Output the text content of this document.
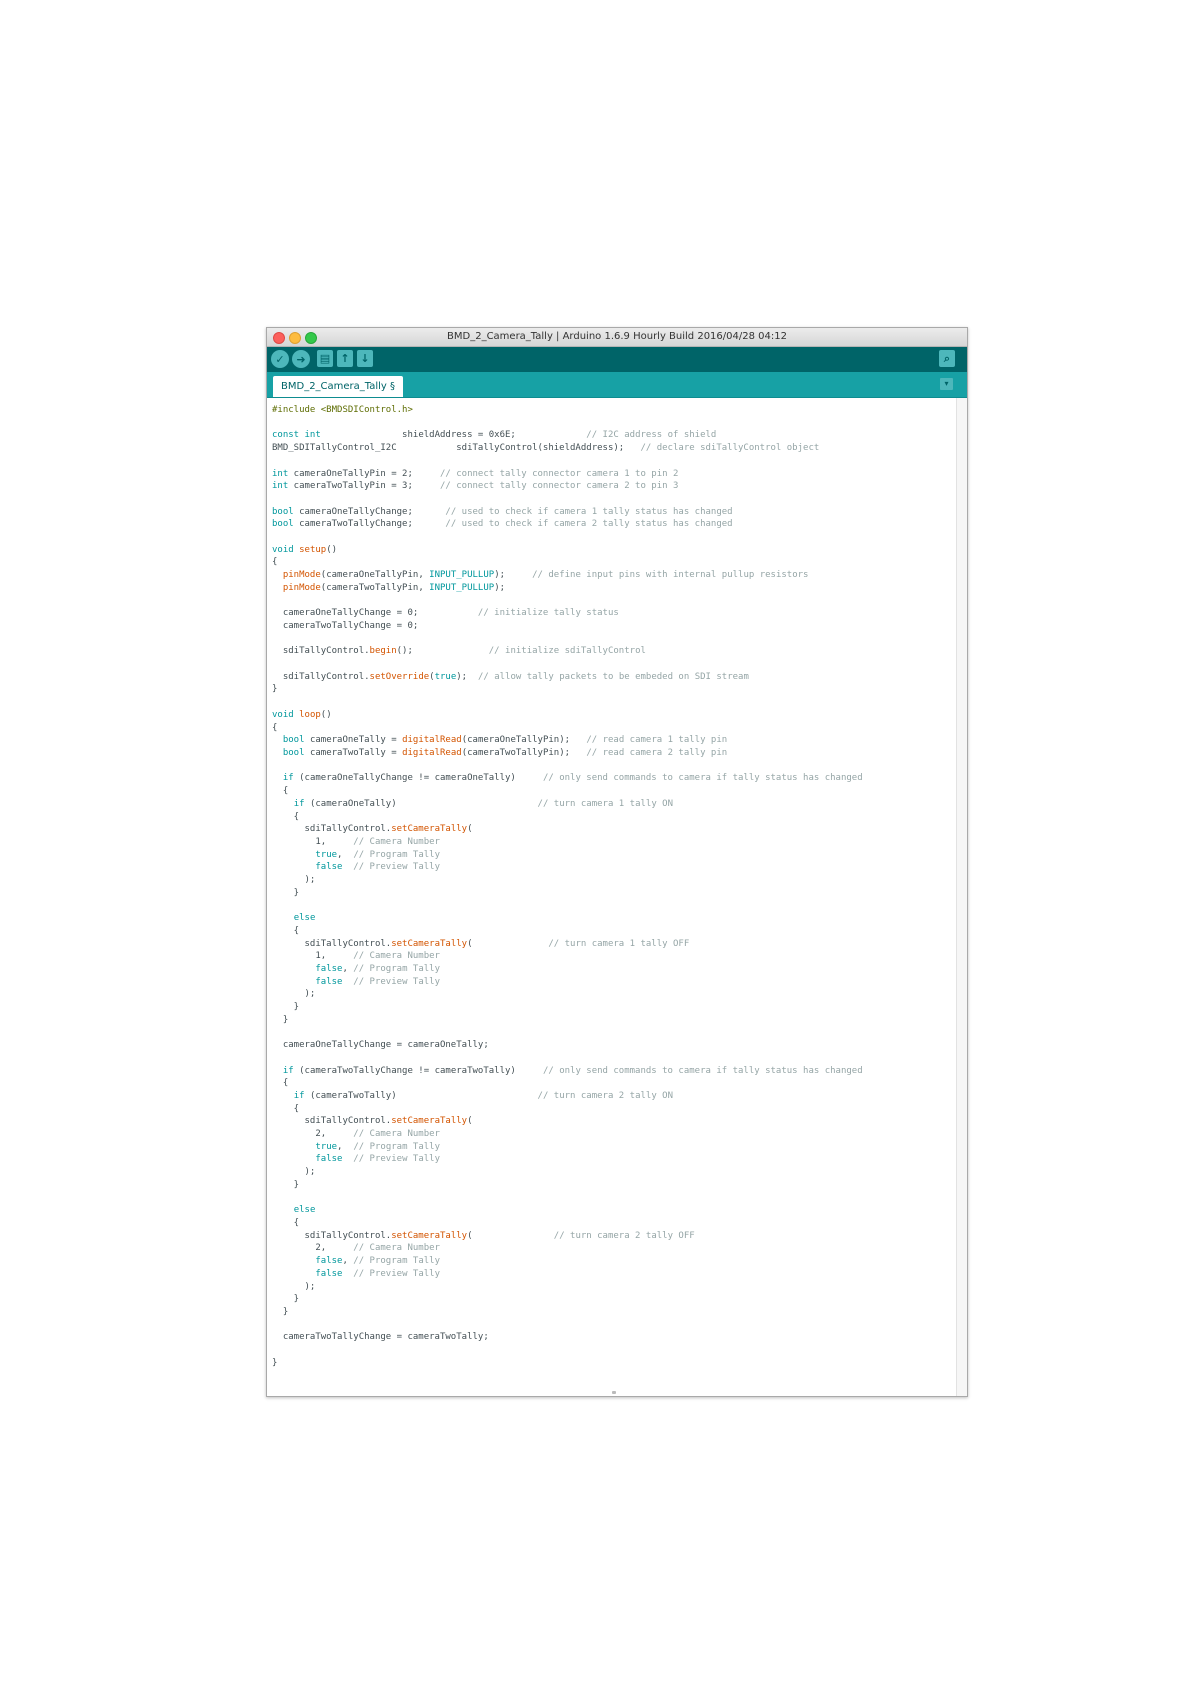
BMD_2_Camera_Tally | Arduino 1.6.9 Hourly Build 2016/04/28 04:12
✓ ➜ ▤ ↑ ↓	⌕
BMD_2_Camera_Tally §	▾
#include <BMDSDIControl.h>

const int               shieldAddress = 0x6E;             // I2C address of shield
BMD_SDITallyControl_I2C           sdiTallyControl(shieldAddress);   // declare sdiTallyControl object

int cameraOneTallyPin = 2;     // connect tally connector camera 1 to pin 2
int cameraTwoTallyPin = 3;     // connect tally connector camera 2 to pin 3

bool cameraOneTallyChange;      // used to check if camera 1 tally status has changed
bool cameraTwoTallyChange;      // used to check if camera 2 tally status has changed

void setup()
{
pinMode(cameraOneTallyPin, INPUT_PULLUP);     // define input pins with internal pullup resistors
pinMode(cameraTwoTallyPin, INPUT_PULLUP);

cameraOneTallyChange = 0;           // initialize tally status
cameraTwoTallyChange = 0;

sdiTallyControl.begin();              // initialize sdiTallyControl

sdiTallyControl.setOverride(true);  // allow tally packets to be embeded on SDI stream
}

void loop()
{
bool cameraOneTally = digitalRead(cameraOneTallyPin);   // read camera 1 tally pin
bool cameraTwoTally = digitalRead(cameraTwoTallyPin);   // read camera 2 tally pin

if (cameraOneTallyChange != cameraOneTally)     // only send commands to camera if tally status has changed
{
if (cameraOneTally)                          // turn camera 1 tally ON
{
sdiTallyControl.setCameraTally(
1,     // Camera Number
true,  // Program Tally
false // Preview Tally
);
}

else
{
sdiTallyControl.setCameraTally(              // turn camera 1 tally OFF
1,     // Camera Number
false, // Program Tally
false // Preview Tally
);
}
}

cameraOneTallyChange = cameraOneTally;

if (cameraTwoTallyChange != cameraTwoTally)     // only send commands to camera if tally status has changed
{
if (cameraTwoTally)                          // turn camera 2 tally ON
{
sdiTallyControl.setCameraTally(
2,     // Camera Number
true,  // Program Tally
false // Preview Tally
);
}

else
{
sdiTallyControl.setCameraTally(               // turn camera 2 tally OFF
2,     // Camera Number
false, // Program Tally
false // Preview Tally
);
}
}

cameraTwoTallyChange = cameraTwoTally;

}
